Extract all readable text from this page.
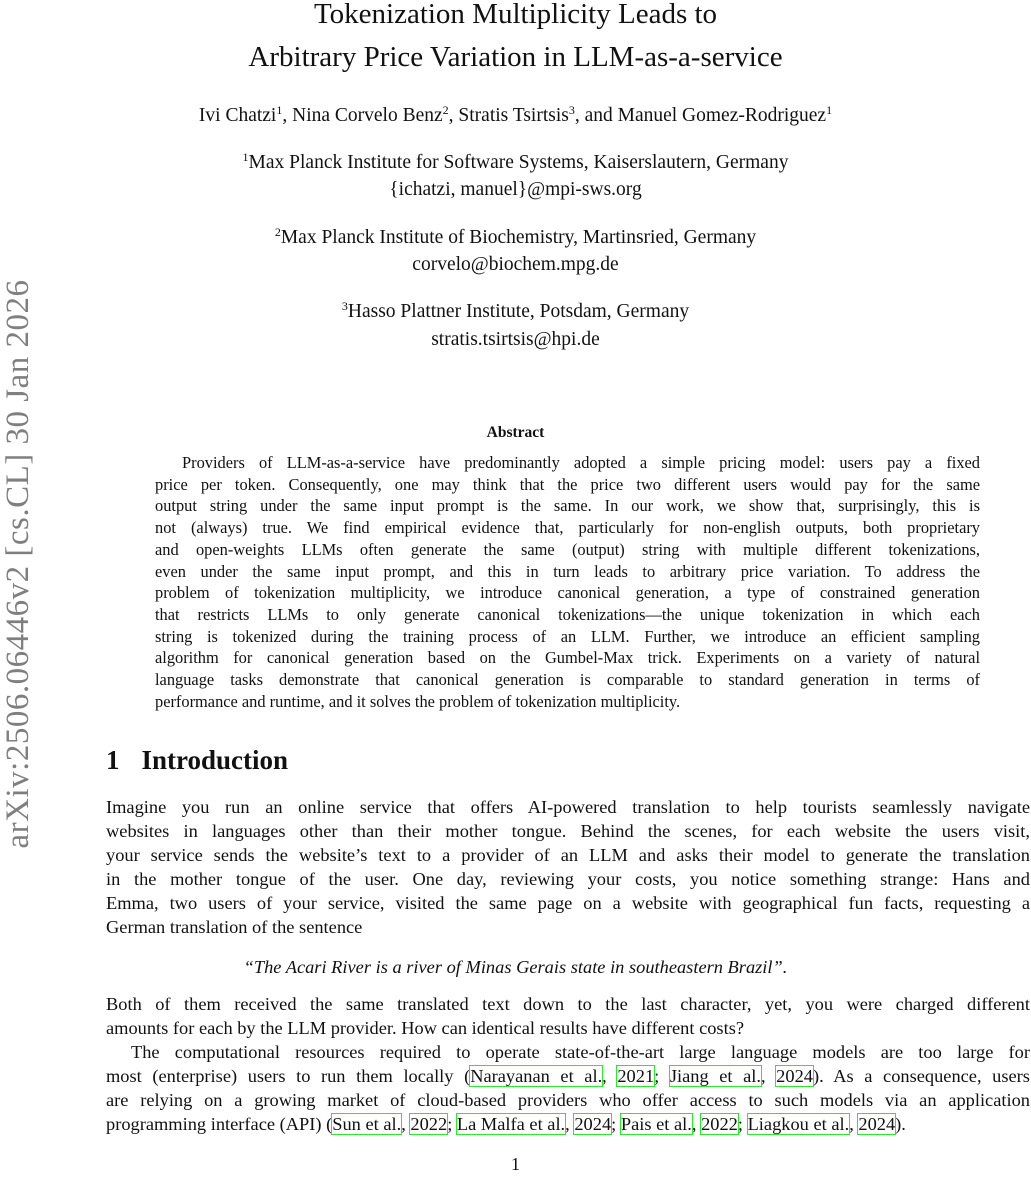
arXiv:2506.06446v2 [cs.CL] 30 Jan 2026
Tokenization Multiplicity Leads to
Arbitrary Price Variation in LLM-as-a-service
Ivi Chatzi$^1$, Nina Corvelo Benz$^2$, Stratis Tsirtsis$^3$, and Manuel Gomez-Rodriguez$^1$
$^1$Max Planck Institute for Software Systems, Kaiserslautern, Germany
{ichatzi, manuel}@mpi-sws.org
$^2$Max Planck Institute of Biochemistry, Martinsried, Germany
corvelo@biochem.mpg.de
$^3$Hasso Plattner Institute, Potsdam, Germany
stratis.tsirtsis@hpi.de
Abstract
Providers of LLM-as-a-service have predominantly adopted a simple pricing model: users pay a fixed
price per token. Consequently, one may think that the price two different users would pay for the same
output string under the same input prompt is the same. In our work, we show that, surprisingly, this is
not (always) true. We find empirical evidence that, particularly for non-english outputs, both proprietary
and open-weights LLMs often generate the same (output) string with multiple different tokenizations,
even under the same input prompt, and this in turn leads to arbitrary price variation. To address the
problem of tokenization multiplicity, we introduce canonical generation, a type of constrained generation
that restricts LLMs to only generate canonical tokenizations—the unique tokenization in which each
string is tokenized during the training process of an LLM. Further, we introduce an efficient sampling
algorithm for canonical generation based on the Gumbel-Max trick. Experiments on a variety of natural
language tasks demonstrate that canonical generation is comparable to standard generation in terms of
performance and runtime, and it solves the problem of tokenization multiplicity.
1 Introduction
Imagine you run an online service that offers AI-powered translation to help tourists seamlessly navigate
websites in languages other than their mother tongue. Behind the scenes, for each website the users visit,
your service sends the website’s text to a provider of an LLM and asks their model to generate the translation
in the mother tongue of the user. One day, reviewing your costs, you notice something strange: Hans and
Emma, two users of your service, visited the same page on a website with geographical fun facts, requesting a
German translation of the sentence
“The Acari River is a river of Minas Gerais state in southeastern Brazil”.
Both of them received the same translated text down to the last character, yet, you were charged different
amounts for each by the LLM provider. How can identical results have different costs?
The computational resources required to operate state-of-the-art large language models are too large for
most (enterprise) users to run them locally (Narayanan et al., 2021; Jiang et al., 2024). As a consequence, users
are relying on a growing market of cloud-based providers who offer access to such models via an application
programming interface (API) (Sun et al., 2022; La Malfa et al., 2024; Pais et al., 2022; Liagkou et al., 2024).
1
